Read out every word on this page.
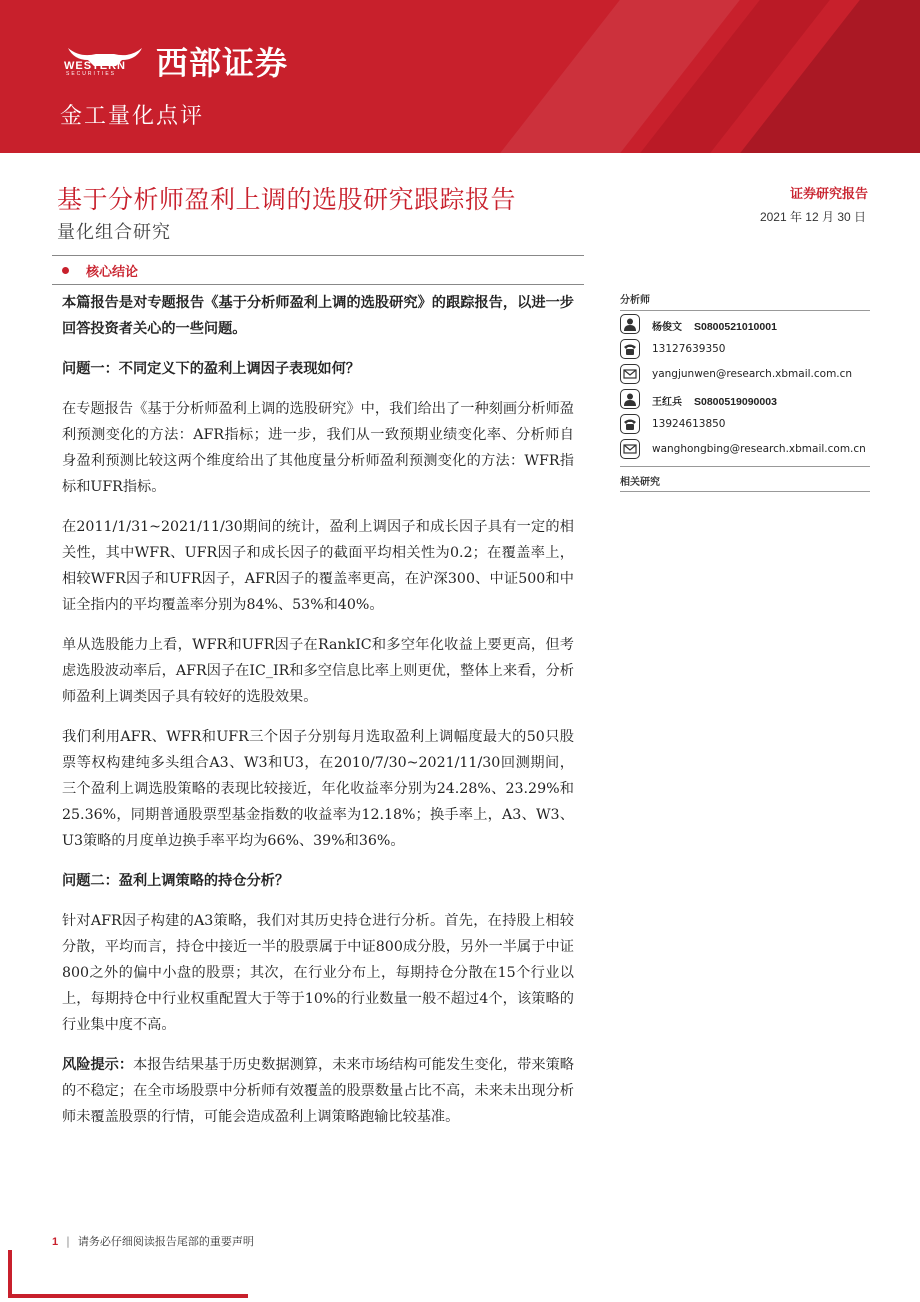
WESTERN
SECURITIES 西部证券
金工量化点评
基于分析师盈利上调的选股研究跟踪报告
量化组合研究
证券研究报告
2021 年 12 月 30 日
核心结论

本篇报告是对专题报告《基于分析师盈利上调的选股研究》的跟踪报告，以进一步回答投资者关心的一些问题。

问题一：不同定义下的盈利上调因子表现如何？

在专题报告《基于分析师盈利上调的选股研究》中，我们给出了一种刻画分析师盈利预测变化的方法：AFR指标；进一步，我们从一致预期业绩变化率、分析师自身盈利预测比较这两个维度给出了其他度量分析师盈利预测变化的方法：WFR指标和UFR指标。

在2011/1/31~2021/11/30期间的统计，盈利上调因子和成长因子具有一定的相关性，其中WFR、UFR因子和成长因子的截面平均相关性为0.2；在覆盖率上，相较WFR因子和UFR因子，AFR因子的覆盖率更高，在沪深300、中证500和中证全指内的平均覆盖率分别为84%、53%和40%。

单从选股能力上看，WFR和UFR因子在RankIC和多空年化收益上要更高，但考虑选股波动率后，AFR因子在IC_IR和多空信息比率上则更优，整体上来看，分析师盈利上调类因子具有较好的选股效果。

我们利用AFR、WFR和UFR三个因子分别每月选取盈利上调幅度最大的50只股票等权构建纯多头组合A3、W3和U3，在2010/7/30~2021/11/30回测期间，三个盈利上调选股策略的表现比较接近，年化收益率分别为24.28%、23.29%和25.36%，同期普通股票型基金指数的收益率为12.18%；换手率上，A3、W3、U3策略的月度单边换手率平均为66%、39%和36%。

问题二：盈利上调策略的持仓分析？

针对AFR因子构建的A3策略，我们对其历史持仓进行分析。首先，在持股上相较分散，平均而言，持仓中接近一半的股票属于中证800成分股，另外一半属于中证800之外的偏中小盘的股票；其次，在行业分布上，每期持仓分散在15个行业以上，每期持仓中行业权重配置大于等于10%的行业数量一般不超过4个，该策略的行业集中度不高。

风险提示：本报告结果基于历史数据测算，未来市场结构可能发生变化，带来策略的不稳定；在全市场股票中分析师有效覆盖的股票数量占比不高，未来未出现分析师未覆盖股票的行情，可能会造成盈利上调策略跑输比较基准。

分析师
杨俊文 S0800521010001
13127639350
yangjunwen@research.xbmail.com.cn
王红兵 S0800519090003
13924613850
wanghongbing@research.xbmail.com.cn
相关研究
1 | 请务必仔细阅读报告尾部的重要声明
